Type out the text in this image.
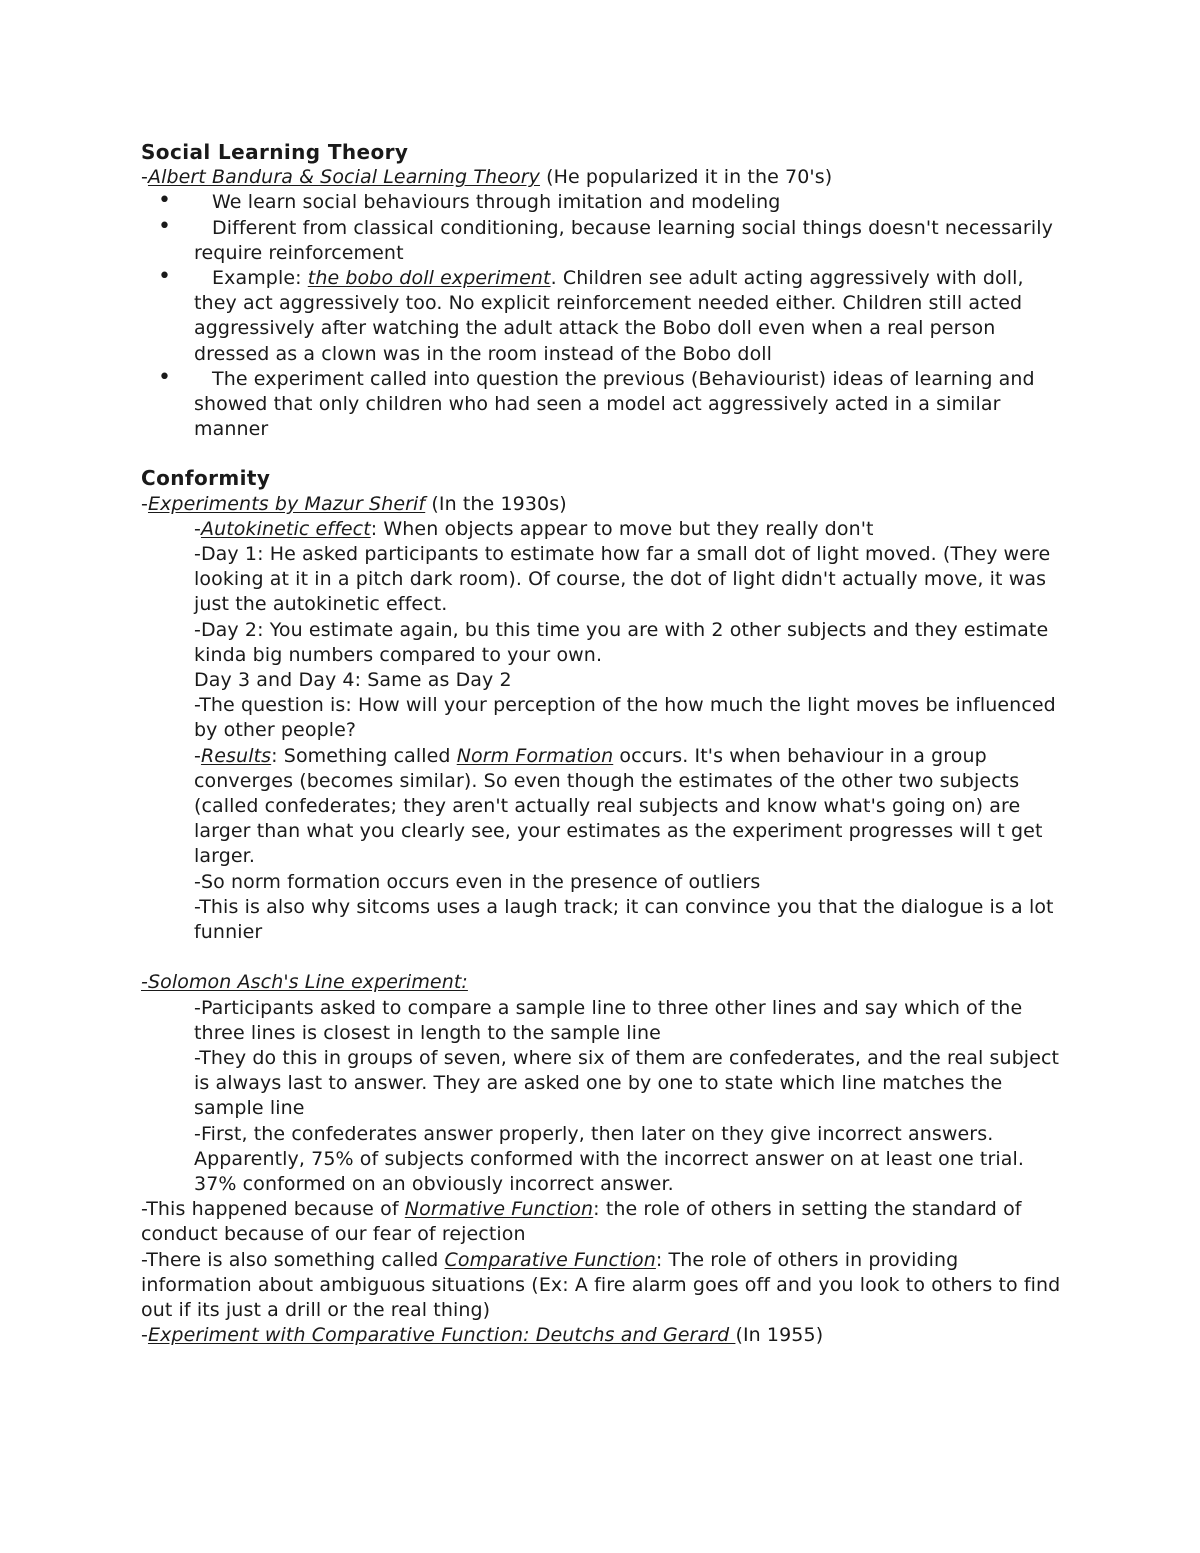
Social Learning Theory

-Albert Bandura & Social Learning Theory (He popularized it in the 70's)

• We learn social behaviours through imitation and modeling
• Different from classical conditioning, because learning social things doesn't necessarily require reinforcement
• Example: the bobo doll experiment. Children see adult acting aggressively with doll, they act aggressively too. No explicit reinforcement needed either. Children still acted aggressively after watching the adult attack the Bobo doll even when a real person dressed as a clown was in the room instead of the Bobo doll
• The experiment called into question the previous (Behaviourist) ideas of learning and showed that only children who had seen a model act aggressively acted in a similar manner

Conformity

-Experiments by Mazur Sherif (In the 1930s)

-Autokinetic effect: When objects appear to move but they really don't

-Day 1: He asked participants to estimate how far a small dot of light moved. (They were looking at it in a pitch dark room). Of course, the dot of light didn't actually move, it was just the autokinetic effect.

-Day 2: You estimate again, bu this time you are with 2 other subjects and they estimate kinda big numbers compared to your own.

Day 3 and Day 4: Same as Day 2

-The question is: How will your perception of the how much the light moves be influenced by other people?

-Results: Something called Norm Formation occurs. It's when behaviour in a group converges (becomes similar). So even though the estimates of the other two subjects (called confederates; they aren't actually real subjects and know what's going on) are larger than what you clearly see, your estimates as the experiment progresses will t get larger.

-So norm formation occurs even in the presence of outliers

-This is also why sitcoms uses a laugh track; it can convince you that the dialogue is a lot funnier

-Solomon Asch's Line experiment:

-Participants asked to compare a sample line to three other lines and say which of the three lines is closest in length to the sample line

-They do this in groups of seven, where six of them are confederates, and the real subject is always last to answer. They are asked one by one to state which line matches the sample line

-First, the confederates answer properly, then later on they give incorrect answers. Apparently, 75% of subjects conformed with the incorrect answer on at least one trial. 37% conformed on an obviously incorrect answer.

-This happened because of Normative Function: the role of others in setting the standard of conduct because of our fear of rejection

-There is also something called Comparative Function: The role of others in providing information about ambiguous situations (Ex: A fire alarm goes off and you look to others to find out if its just a drill or the real thing)

-Experiment with Comparative Function: Deutchs and Gerard (In 1955)
